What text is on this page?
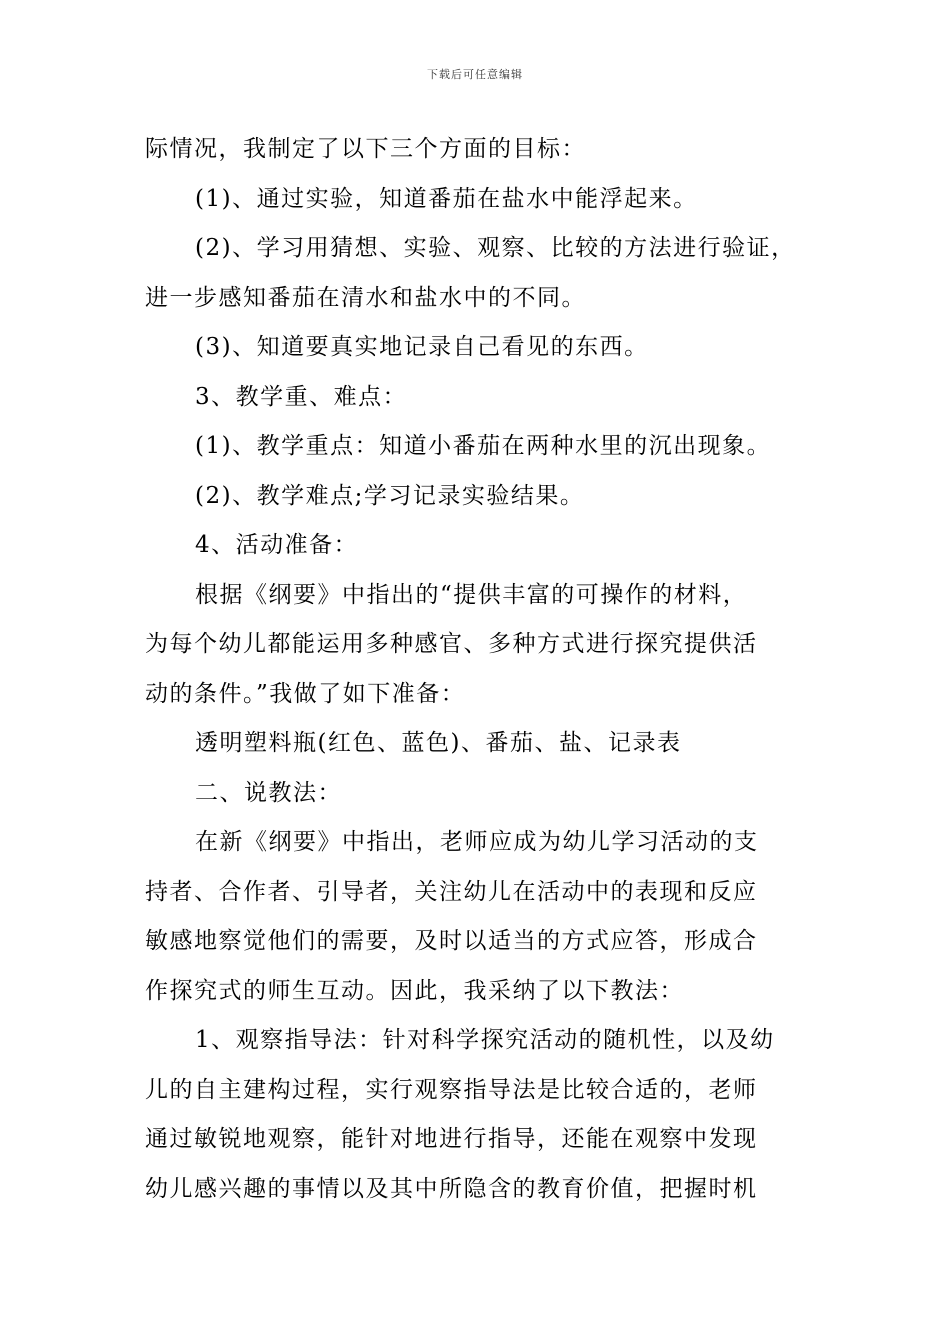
下载后可任意编辑
际情况，我制定了以下三个方面的目标：
(1)、通过实验，知道番茄在盐水中能浮起来。
(2)、学习用猜想、实验、观察、比较的方法进行验证，
进一步感知番茄在清水和盐水中的不同。
(3)、知道要真实地记录自己看见的东西。
3、教学重、难点：
(1)、教学重点：知道小番茄在两种水里的沉出现象。
(2)、教学难点;学习记录实验结果。
4、活动准备：
根据《纲要》中指出的“提供丰富的可操作的材料，
为每个幼儿都能运用多种感官、多种方式进行探究提供活
动的条件。”我做了如下准备：
透明塑料瓶(红色、蓝色)、番茄、盐、记录表
二、说教法：
在新《纲要》中指出，老师应成为幼儿学习活动的支
持者、合作者、引导者，关注幼儿在活动中的表现和反应
敏感地察觉他们的需要，及时以适当的方式应答，形成合
作探究式的师生互动。因此，我采纳了以下教法：
1、观察指导法：针对科学探究活动的随机性，以及幼
儿的自主建构过程，实行观察指导法是比较合适的，老师
通过敏锐地观察，能针对地进行指导，还能在观察中发现
幼儿感兴趣的事情以及其中所隐含的教育价值，把握时机
